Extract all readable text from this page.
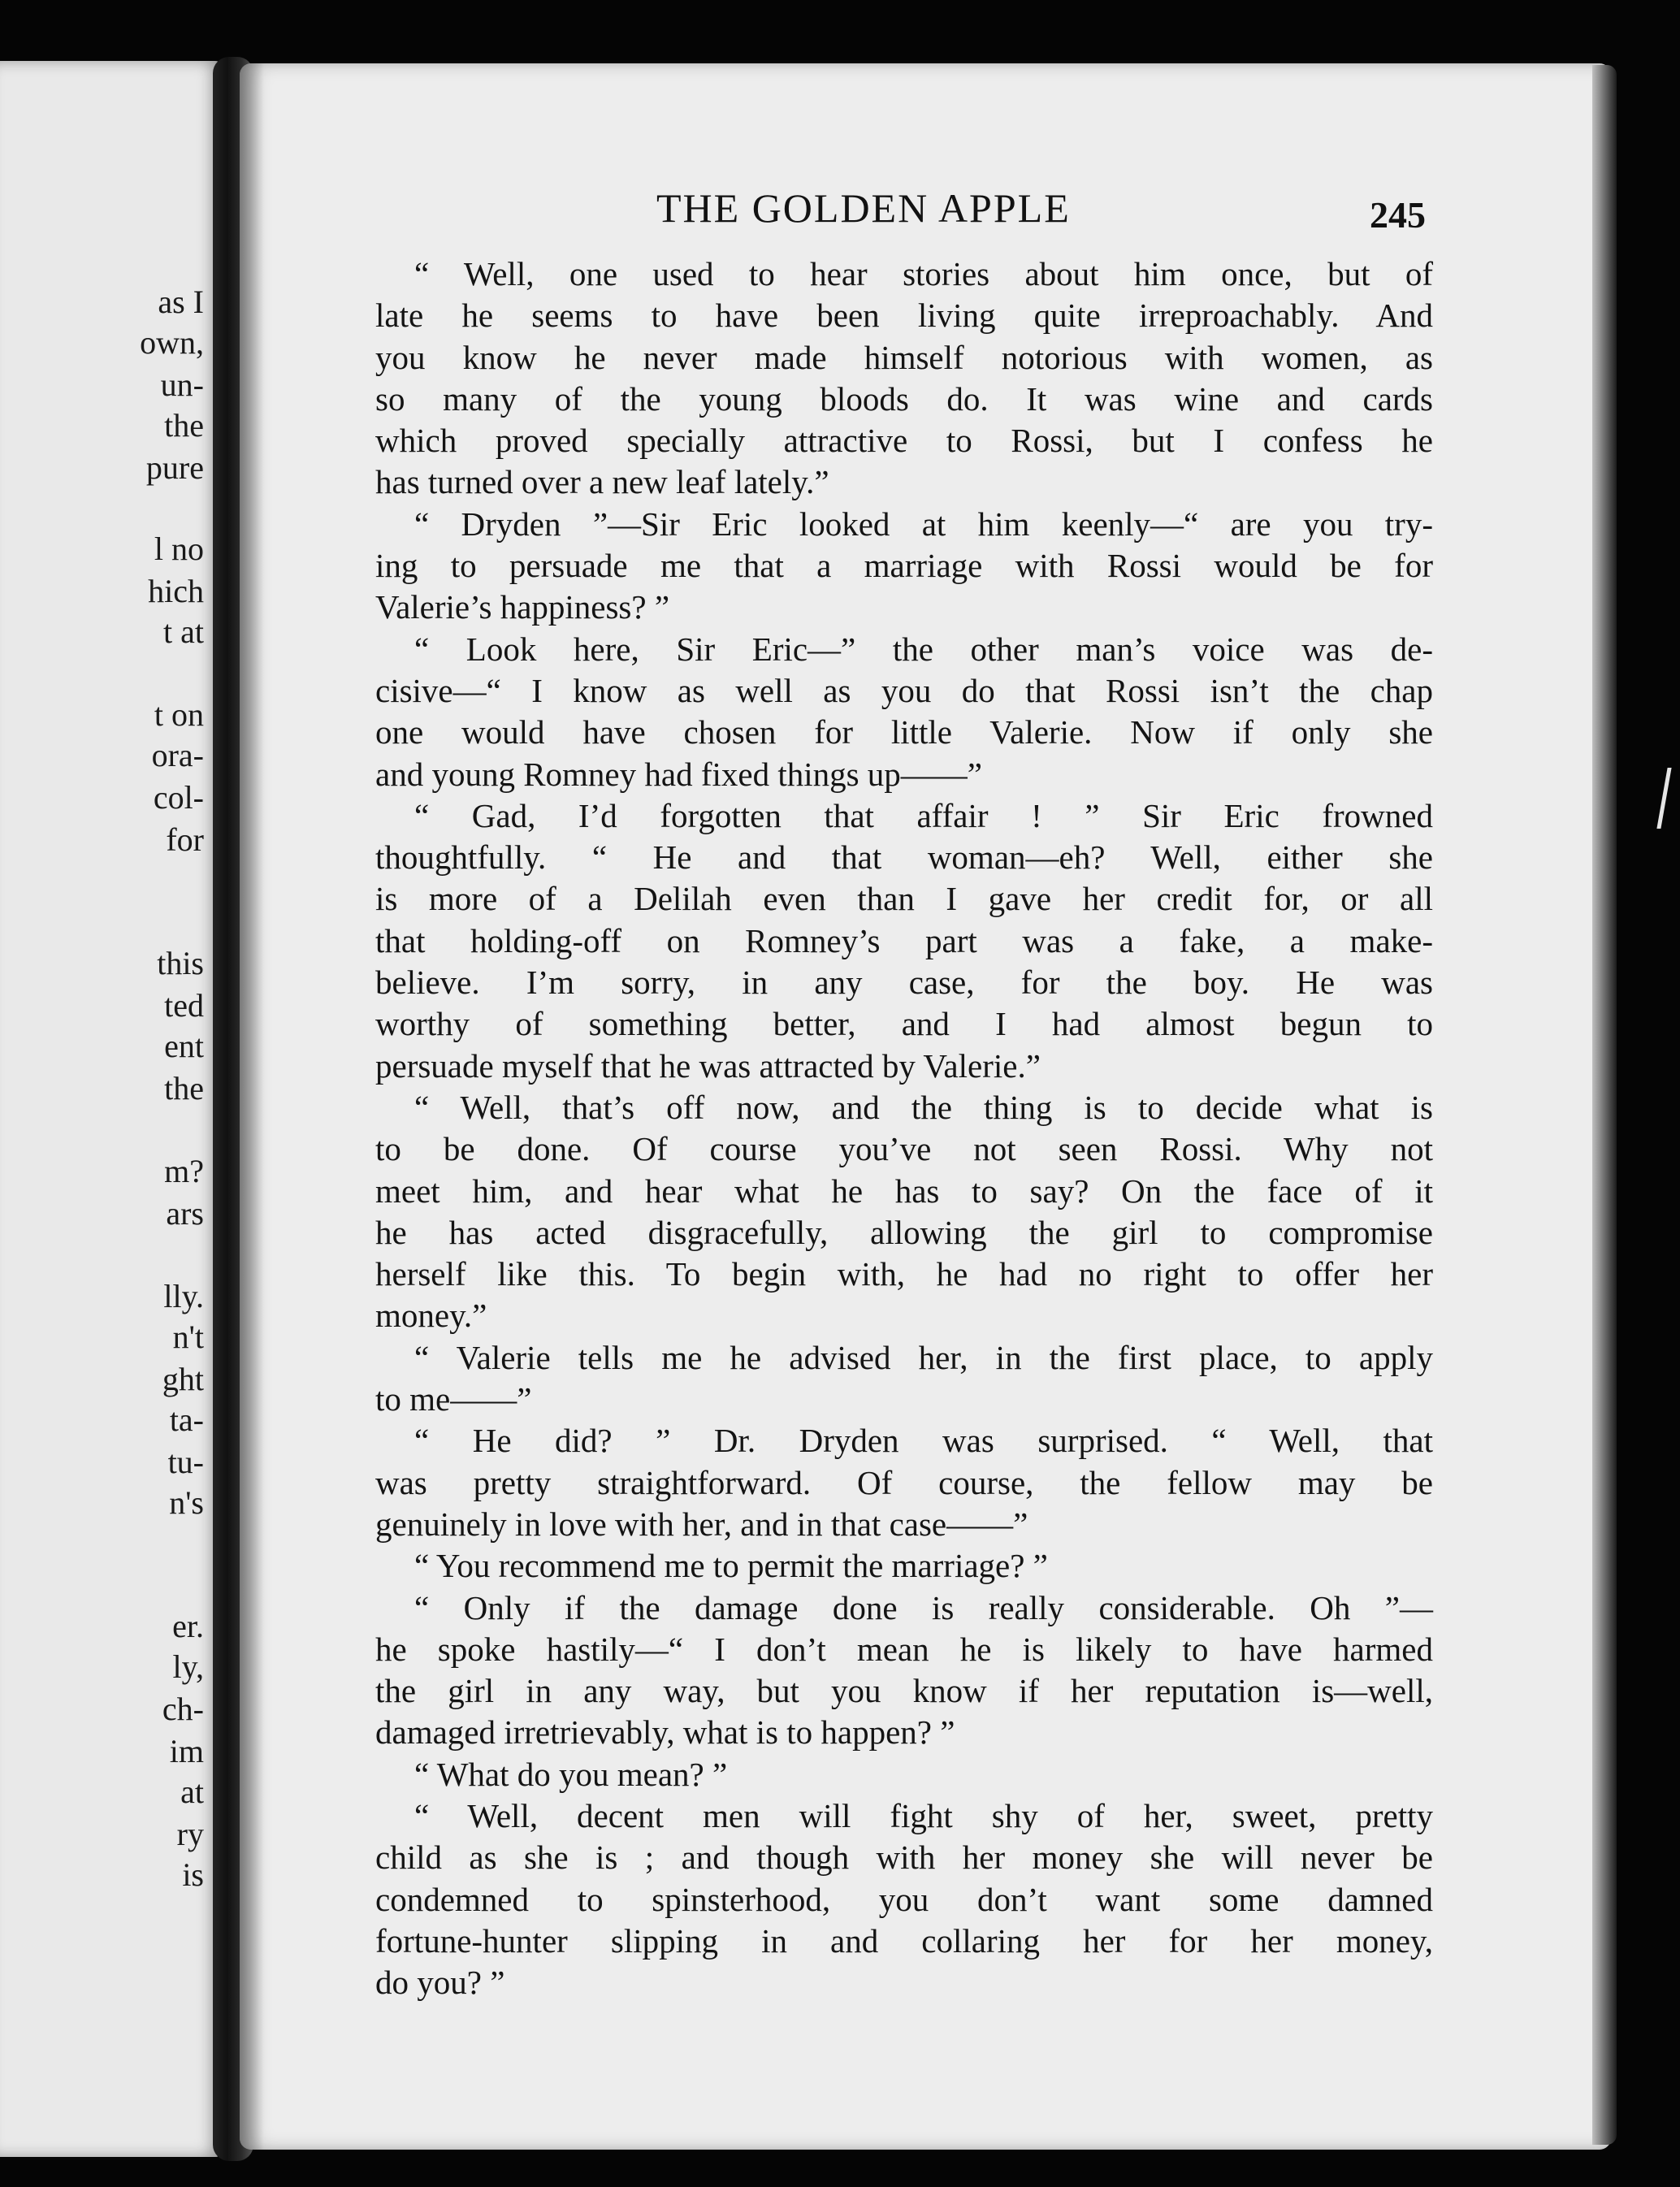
as I
own,
un-
the
pure
l no
hich
t at
t on
ora-
col-
for
this
ted
ent
the
m?
ars
lly.
n't
ght
ta-
tu-
n's
er.
ly,
ch-
im
at
ry
is
THE GOLDEN APPLE	245
“ Well, one used to hear stories about him once, but of
late he seems to have been living quite irreproachably. And
you know he never made himself notorious with women, as
so many of the young bloods do. It was wine and cards
which proved specially attractive to Rossi, but I confess he
has turned over a new leaf lately.”
“ Dryden ”—Sir Eric looked at him keenly—“ are you try-
ing to persuade me that a marriage with Rossi would be for
Valerie’s happiness? ”
“ Look here, Sir Eric—” the other man’s voice was de-
cisive—“ I know as well as you do that Rossi isn’t the chap
one would have chosen for little Valerie. Now if only she
and young Romney had fixed things up——”
“ Gad, I’d forgotten that affair ! ” Sir Eric frowned
thoughtfully. “ He and that woman—eh? Well, either she
is more of a Delilah even than I gave her credit for, or all
that holding-off on Romney’s part was a fake, a make-
believe. I’m sorry, in any case, for the boy. He was
worthy of something better, and I had almost begun to
persuade myself that he was attracted by Valerie.”
“ Well, that’s off now, and the thing is to decide what is
to be done. Of course you’ve not seen Rossi. Why not
meet him, and hear what he has to say? On the face of it
he has acted disgracefully, allowing the girl to compromise
herself like this. To begin with, he had no right to offer her
money.”
“ Valerie tells me he advised her, in the first place, to apply
to me——”
“ He did? ” Dr. Dryden was surprised. “ Well, that
was pretty straightforward. Of course, the fellow may be
genuinely in love with her, and in that case——”
“ You recommend me to permit the marriage? ”
“ Only if the damage done is really considerable. Oh ”—
he spoke hastily—“ I don’t mean he is likely to have harmed
the girl in any way, but you know if her reputation is—well,
damaged irretrievably, what is to happen? ”
“ What do you mean? ”
“ Well, decent men will fight shy of her, sweet, pretty
child as she is ; and though with her money she will never be
condemned to spinsterhood, you don’t want some damned
fortune-hunter slipping in and collaring her for her money,
do you? ”
